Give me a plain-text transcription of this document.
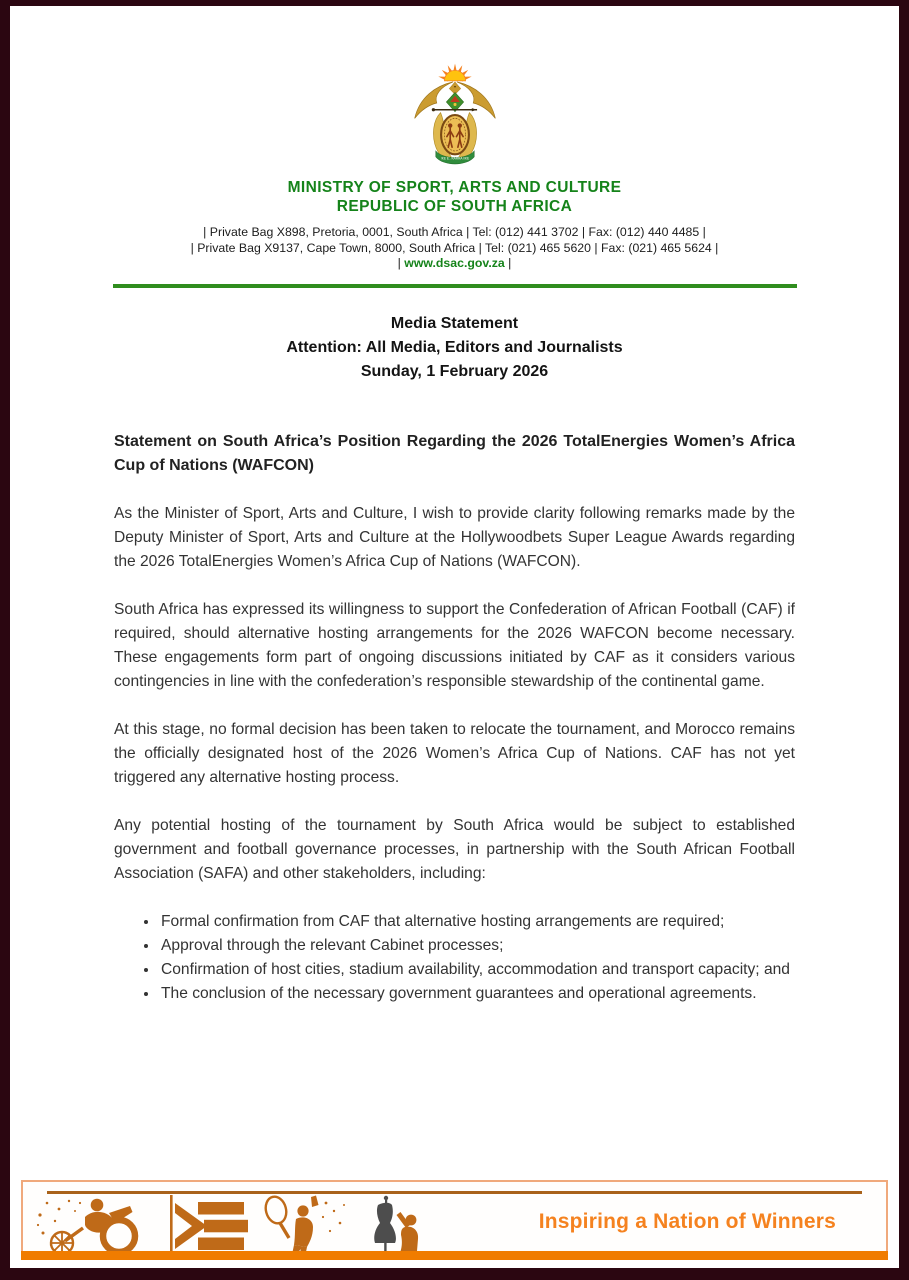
!KE E: /XARRA //KE
MINISTRY OF SPORT, ARTS AND CULTURE
REPUBLIC OF SOUTH AFRICA
| Private Bag X898, Pretoria, 0001, South Africa | Tel: (012) 441 3702 | Fax: (012) 440 4485 |
| Private Bag X9137, Cape Town, 8000, South Africa | Tel: (021) 465 5620 | Fax: (021) 465 5624 |
| www.dsac.gov.za |
Media Statement
Attention: All Media, Editors and Journalists
Sunday, 1 February 2026
Statement on South Africa’s Position Regarding the 2026 TotalEnergies Women’s Africa Cup of Nations (WAFCON)

As the Minister of Sport, Arts and Culture, I wish to provide clarity following remarks made by the Deputy Minister of Sport, Arts and Culture at the Hollywoodbets Super League Awards regarding the 2026 TotalEnergies Women’s Africa Cup of Nations (WAFCON).

South Africa has expressed its willingness to support the Confederation of African Football (CAF) if required, should alternative hosting arrangements for the 2026 WAFCON become necessary. These engagements form part of ongoing discussions initiated by CAF as it considers various contingencies in line with the confederation’s responsible stewardship of the continental game.

At this stage, no formal decision has been taken to relocate the tournament, and Morocco remains the officially designated host of the 2026 Women’s Africa Cup of Nations. CAF has not yet triggered any alternative hosting process.

Any potential hosting of the tournament by South Africa would be subject to established government and football governance processes, in partnership with the South African Football Association (SAFA) and other stakeholders, including:

• Formal confirmation from CAF that alternative hosting arrangements are required;
• Approval through the relevant Cabinet processes;
• Confirmation of host cities, stadium availability, accommodation and transport capacity; and
• The conclusion of the necessary government guarantees and operational agreements.
Inspiring a Nation of Winners
